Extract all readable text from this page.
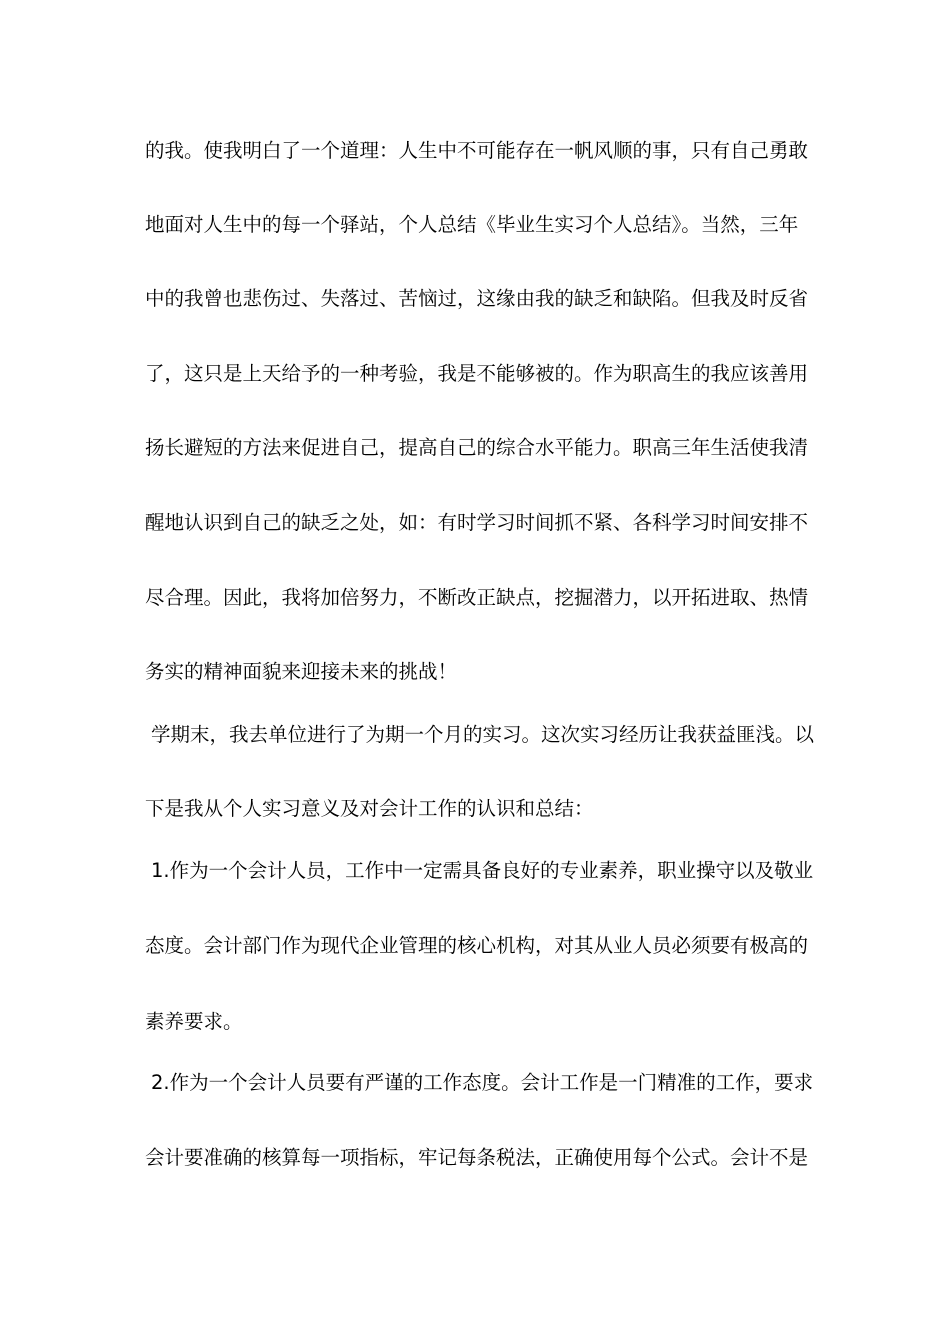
的我。使我明白了一个道理：人生中不可能存在一帆风顺的事，只有自己勇敢
地面对人生中的每一个驿站，个人总结《毕业生实习个人总结》。当然，三年
中的我曾也悲伤过、失落过、苦恼过，这缘由我的缺乏和缺陷。但我及时反省
了，这只是上天给予的一种考验，我是不能够被的。作为职高生的我应该善用
扬长避短的方法来促进自己，提高自己的综合水平能力。职高三年生活使我清
醒地认识到自己的缺乏之处，如：有时学习时间抓不紧、各科学习时间安排不
尽合理。因此，我将加倍努力，不断改正缺点，挖掘潜力，以开拓进取、热情
务实的精神面貌来迎接未来的挑战！
学期末，我去单位进行了为期一个月的实习。这次实习经历让我获益匪浅。以
下是我从个人实习意义及对会计工作的认识和总结：
1.作为一个会计人员，工作中一定需具备良好的专业素养，职业操守以及敬业
态度。会计部门作为现代企业管理的核心机构，对其从业人员必须要有极高的
素养要求。
2.作为一个会计人员要有严谨的工作态度。会计工作是一门精准的工作，要求
会计要准确的核算每一项指标，牢记每条税法，正确使用每个公式。会计不是
